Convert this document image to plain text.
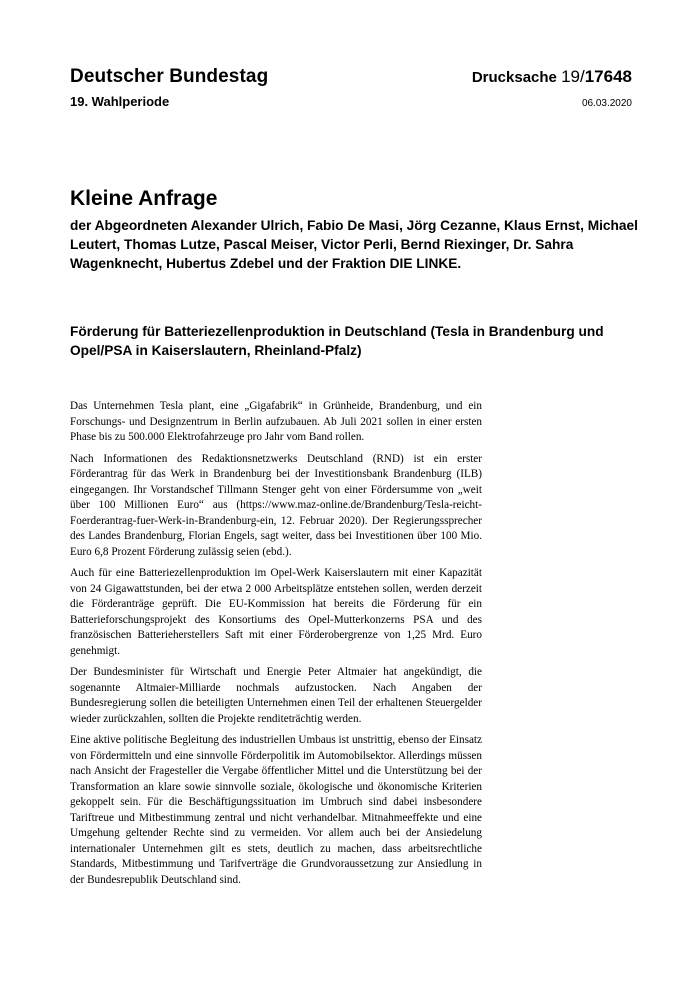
Deutscher Bundestag	Drucksache 19/17648
19. Wahlperiode	06.03.2020
Kleine Anfrage
der Abgeordneten Alexander Ulrich, Fabio De Masi, Jörg Cezanne, Klaus Ernst, Michael Leutert, Thomas Lutze, Pascal Meiser, Victor Perli, Bernd Riexinger, Dr. Sahra Wagenknecht, Hubertus Zdebel und der Fraktion DIE LINKE.
Förderung für Batteriezellenproduktion in Deutschland (Tesla in Brandenburg und Opel/PSA in Kaiserslautern, Rheinland-Pfalz)

Das Unternehmen Tesla plant, eine „Gigafabrik“ in Grünheide, Brandenburg, und ein Forschungs- und Designzentrum in Berlin aufzubauen. Ab Juli 2021 sollen in einer ersten Phase bis zu 500.000 Elektrofahrzeuge pro Jahr vom Band rollen.

Nach Informationen des Redaktionsnetzwerks Deutschland (RND) ist ein erster Förderantrag für das Werk in Brandenburg bei der Investitionsbank Brandenburg (ILB) eingegangen. Ihr Vorstandschef Tillmann Stenger geht von einer Fördersumme von „weit über 100 Millionen Euro“ aus (https://www.maz-online.de/Brandenburg/Tesla-reicht-Foerderantrag-fuer-Werk-in-Brandenburg-ein, 12. Februar 2020). Der Regierungssprecher des Landes Brandenburg, Florian Engels, sagt weiter, dass bei Investitionen über 100 Mio. Euro 6,8 Prozent Förderung zulässig seien (ebd.).

Auch für eine Batteriezellenproduktion im Opel-Werk Kaiserslautern mit einer Kapazität von 24 Gigawattstunden, bei der etwa 2 000 Arbeitsplätze entstehen sollen, werden derzeit die Förderanträge geprüft. Die EU-Kommission hat bereits die Förderung für ein Batterieforschungsprojekt des Konsortiums des Opel-Mutterkonzerns PSA und des französischen Batterieherstellers Saft mit einer Förderobergrenze von 1,25 Mrd. Euro genehmigt.

Der Bundesminister für Wirtschaft und Energie Peter Altmaier hat angekündigt, die sogenannte Altmaier-Milliarde nochmals aufzustocken. Nach Angaben der Bundesregierung sollen die beteiligten Unternehmen einen Teil der erhaltenen Steuergelder wieder zurückzahlen, sollten die Projekte renditeträchtig werden.

Eine aktive politische Begleitung des industriellen Umbaus ist unstrittig, ebenso der Einsatz von Fördermitteln und eine sinnvolle Förderpolitik im Automobilsektor. Allerdings müssen nach Ansicht der Fragesteller die Vergabe öffentlicher Mittel und die Unterstützung bei der Transformation an klare sowie sinnvolle soziale, ökologische und ökonomische Kriterien gekoppelt sein. Für die Beschäftigungssituation im Umbruch sind dabei insbesondere Tariftreue und Mitbestimmung zentral und nicht verhandelbar. Mitnahmeeffekte und eine Umgehung geltender Rechte sind zu vermeiden. Vor allem auch bei der Ansiedelung internationaler Unternehmen gilt es stets, deutlich zu machen, dass arbeitsrechtliche Standards, Mitbestimmung und Tarifverträge die Grundvoraussetzung zur Ansiedlung in der Bundesrepublik Deutschland sind.
